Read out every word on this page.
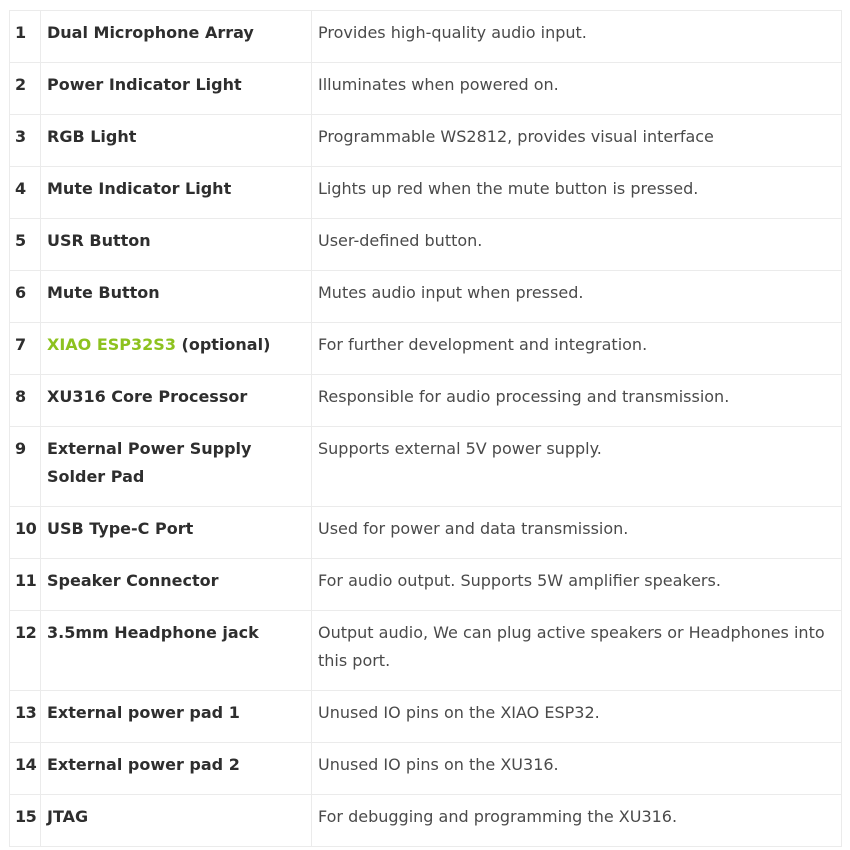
1	Dual Microphone Array	Provides high-quality audio input.
2	Power Indicator Light	Illuminates when powered on.
3	RGB Light	Programmable WS2812, provides visual interface
4	Mute Indicator Light	Lights up red when the mute button is pressed.
5	USR Button	User-defined button.
6	Mute Button	Mutes audio input when pressed.
7	XIAO ESP32S3 (optional)	For further development and integration.
8	XU316 Core Processor	Responsible for audio processing and transmission.
9	External Power Supply Solder Pad	Supports external 5V power supply.
10	USB Type-C Port	Used for power and data transmission.
11	Speaker Connector	For audio output. Supports 5W amplifier speakers.
12	3.5mm Headphone jack	Output audio, We can plug active speakers or Headphones into this port.
13	External power pad 1	Unused IO pins on the XIAO ESP32.
14	External power pad 2	Unused IO pins on the XU316.
15	JTAG	For debugging and programming the XU316.
